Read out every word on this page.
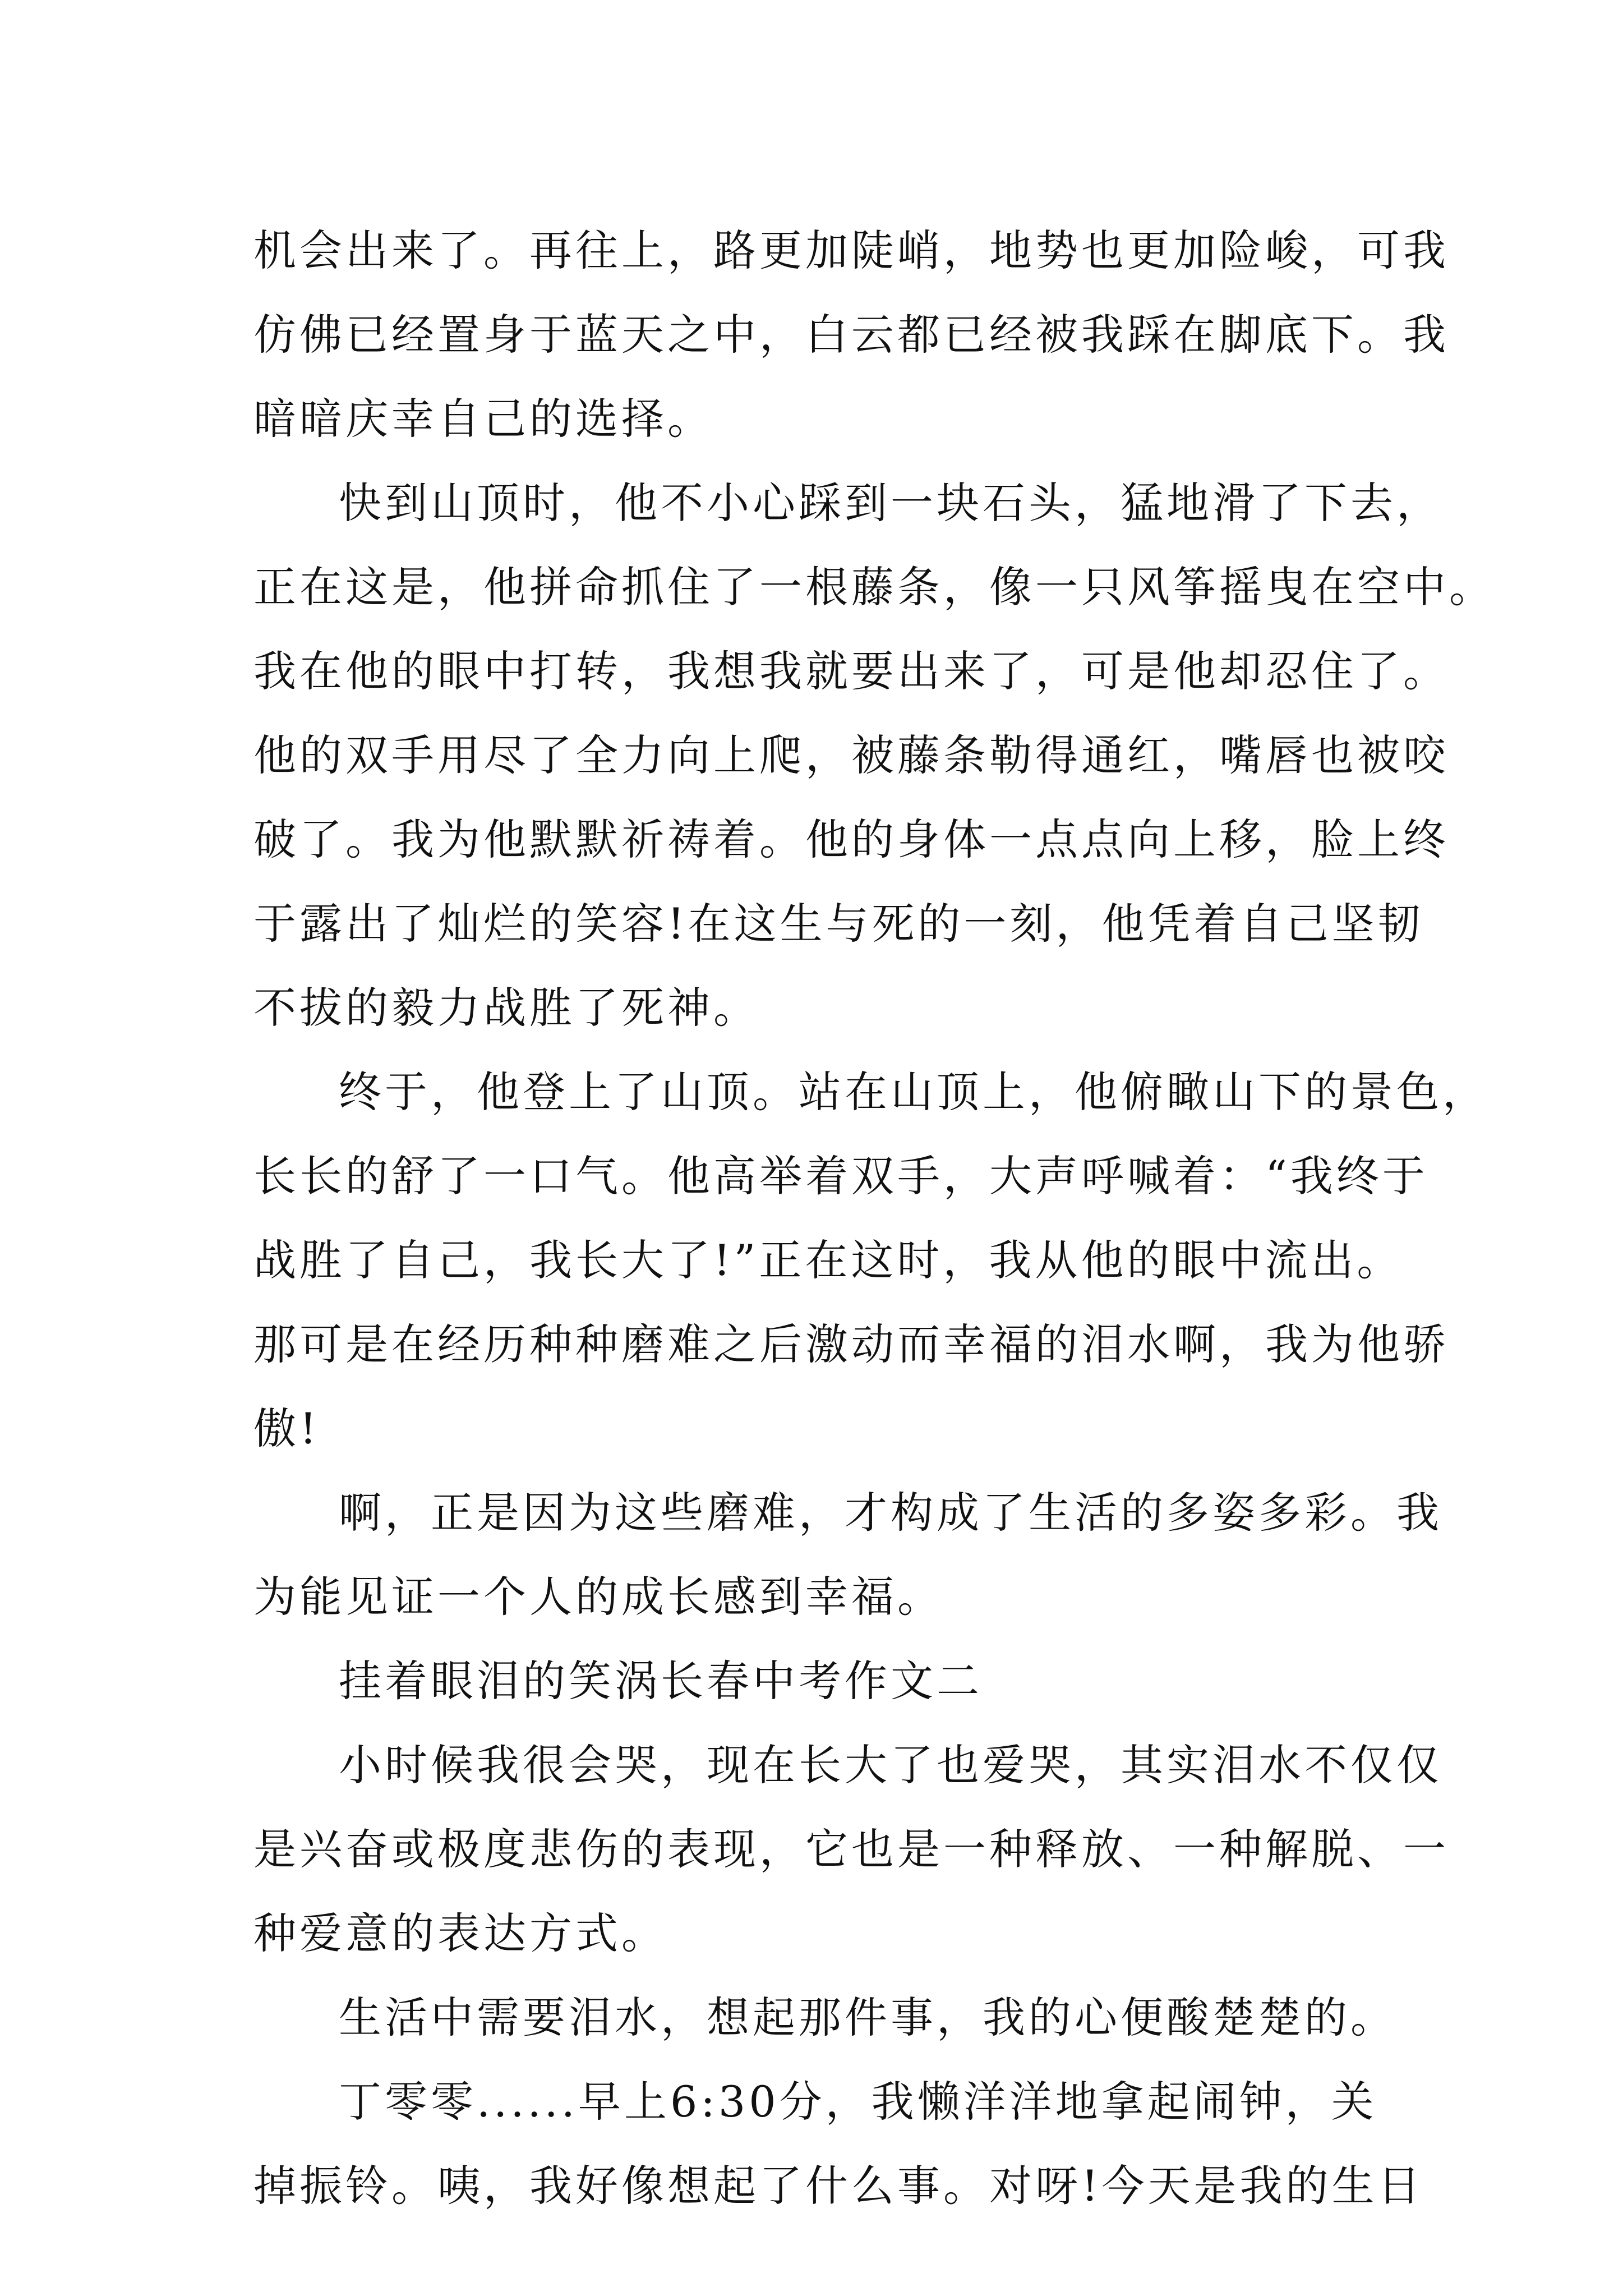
机会出来了。再往上，路更加陡峭，地势也更加险峻，可我
仿佛已经置身于蓝天之中，白云都已经被我踩在脚底下。我
暗暗庆幸自己的选择。
快到山顶时，他不小心踩到一块石头，猛地滑了下去，
正在这是，他拼命抓住了一根藤条，像一只风筝摇曳在空中。
我在他的眼中打转，我想我就要出来了，可是他却忍住了。
他的双手用尽了全力向上爬，被藤条勒得通红，嘴唇也被咬
破了。我为他默默祈祷着。他的身体一点点向上移，脸上终
于露出了灿烂的笑容!在这生与死的一刻，他凭着自己坚韧
不拔的毅力战胜了死神。
终于，他登上了山顶。站在山顶上，他俯瞰山下的景色，
长长的舒了一口气。他高举着双手，大声呼喊着：“我终于
战胜了自己，我长大了!”正在这时，我从他的眼中流出。
那可是在经历种种磨难之后激动而幸福的泪水啊，我为他骄
傲!
啊，正是因为这些磨难，才构成了生活的多姿多彩。我
为能见证一个人的成长感到幸福。
挂着眼泪的笑涡长春中考作文二
小时候我很会哭，现在长大了也爱哭，其实泪水不仅仅
是兴奋或极度悲伤的表现，它也是一种释放、一种解脱、一
种爱意的表达方式。
生活中需要泪水，想起那件事，我的心便酸楚楚的。
丁零零......早上6:30分，我懒洋洋地拿起闹钟，关
掉振铃。咦，我好像想起了什么事。对呀!今天是我的生日
